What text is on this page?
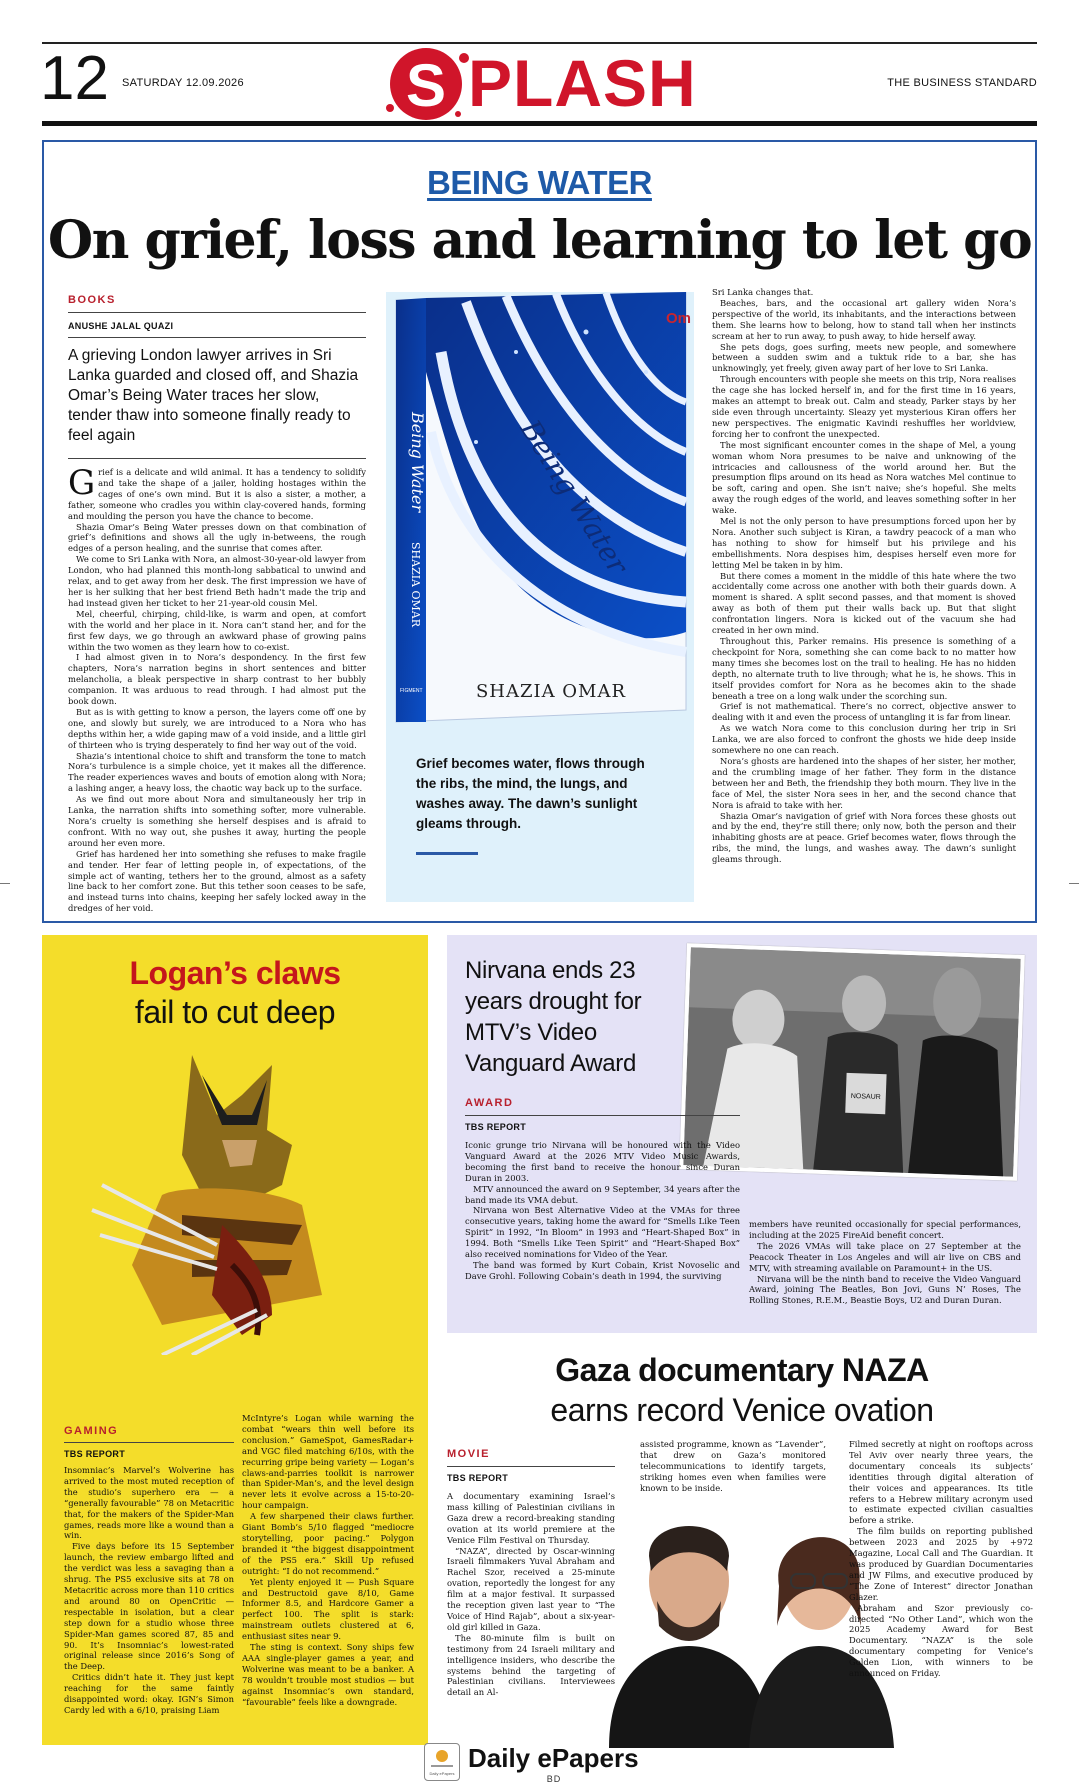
12 SATURDAY 12.09.2026	S PLASH	THE BUSINESS STANDARD
BEING WATER
On grief, loss and learning to let go
BOOKS
ANUSHE JALAL QUAZI
A grieving London lawyer arrives in Sri Lanka guarded and closed off, and Shazia Omar’s Being Water traces her slow, tender thaw into someone finally ready to feel again

Grief is a delicate and wild animal. It has a tendency to solidify and take the shape of a jailer, holding hostages within the cages of one’s own mind. But it is also a sister, a mother, a father, someone who cradles you within clay-covered hands, forming and moulding the person you have the chance to become.

Shazia Omar’s Being Water presses down on that combination of grief’s definitions and shows all the ugly in-betweens, the rough edges of a person healing, and the sunrise that comes after.

We come to Sri Lanka with Nora, an almost-30-year-old lawyer from London, who had planned this month-long sabbatical to unwind and relax, and to get away from her desk. The first impression we have of her is her sulking that her best friend Beth hadn’t made the trip and had instead given her ticket to her 21-year-old cousin Mel.

Mel, cheerful, chirping, child-like, is warm and open, at comfort with the world and her place in it. Nora can’t stand her, and for the first few days, we go through an awkward phase of growing pains within the two women as they learn how to co-exist.

I had almost given in to Nora’s despondency. In the first few chapters, Nora’s narration begins in short sentences and bitter melancholia, a bleak perspective in sharp contrast to her bubbly companion. It was arduous to read through. I had almost put the book down.

But as is with getting to know a person, the layers come off one by one, and slowly but surely, we are introduced to a Nora who has depths within her, a wide gaping maw of a void inside, and a little girl of thirteen who is trying desperately to find her way out of the void.

Shazia’s intentional choice to shift and transform the tone to match Nora’s turbulence is a simple choice, yet it makes all the difference. The reader experiences waves and bouts of emotion along with Nora; a lashing anger, a heavy loss, the chaotic way back up to the surface.

As we find out more about Nora and simultaneously her trip in Lanka, the narration shifts into something softer, more vulnerable. Nora’s cruelty is something she herself despises and is afraid to confront. With no way out, she pushes it away, hurting the people around her even more.

Grief has hardened her into something she refuses to make fragile and tender. Her fear of letting people in, of expectations, of the simple act of wanting, tethers her to the ground, almost as a safety line back to her comfort zone. But this tether soon ceases to be safe, and instead turns into chains, keeping her safely locked away in the dredges of her void.

Being Water
Being Water
SHAZIA OMAR
FIGMENT	SHAZIA OMAR
Grief becomes water, flows through the ribs, the mind, the lungs, and washes away. The dawn’s sunlight gleams through.
Om

Sri Lanka changes that.

Beaches, bars, and the occasional art gallery widen Nora’s perspective of the world, its inhabitants, and the interactions between them. She learns how to belong, how to stand tall when her instincts scream at her to run away, to push away, to hide herself away.

She pets dogs, goes surfing, meets new people, and somewhere between a sudden swim and a tuktuk ride to a bar, she has unknowingly, yet freely, given away part of her love to Sri Lanka.

Through encounters with people she meets on this trip, Nora realises the cage she has locked herself in, and for the first time in 16 years, makes an attempt to break out. Calm and steady, Parker stays by her side even through uncertainty. Sleazy yet mysterious Kiran offers her new perspectives. The enigmatic Kavindi reshuffles her worldview, forcing her to confront the unexpected.

The most significant encounter comes in the shape of Mel, a young woman whom Nora presumes to be naive and unknowing of the intricacies and callousness of the world around her. But the presumption flips around on its head as Nora watches Mel continue to be soft, caring and open. She isn’t naive; she’s hopeful. She melts away the rough edges of the world, and leaves something softer in her wake.

Mel is not the only person to have presumptions forced upon her by Nora. Another such subject is Kiran, a tawdry peacock of a man who has nothing to show for himself but his privilege and his embellishments. Nora despises him, despises herself even more for letting Mel be taken in by him.

But there comes a moment in the middle of this hate where the two accidentally come across one another with both their guards down. A moment is shared. A split second passes, and that moment is shoved away as both of them put their walls back up. But that slight confrontation lingers. Nora is kicked out of the vacuum she had created in her own mind.

Throughout this, Parker remains. His presence is something of a checkpoint for Nora, something she can come back to no matter how many times she becomes lost on the trail to healing. He has no hidden depth, no alternate truth to live through; what he is, he shows. This in itself provides comfort for Nora as he becomes akin to the shade beneath a tree on a long walk under the scorching sun.

Grief is not mathematical. There’s no correct, objective answer to dealing with it and even the process of untangling it is far from linear.

As we watch Nora come to this conclusion during her trip in Sri Lanka, we are also forced to confront the ghosts we hide deep inside somewhere no one can reach.

Nora’s ghosts are hardened into the shapes of her sister, her mother, and the crumbling image of her father. They form in the distance between her and Beth, the friendship they both mourn. They live in the face of Mel, the sister Nora sees in her, and the second chance that Nora is afraid to take with her.

Shazia Omar’s navigation of grief with Nora forces these ghosts out and by the end, they’re still there; only now, both the person and their inhabiting ghosts are at peace. Grief becomes water, flows through the ribs, the mind, the lungs, and washes away. The dawn’s sunlight gleams through.

Logan’s claws
fail to cut deep
GAMING
TBS REPORT

Insomniac’s Marvel’s Wolverine has arrived to the most muted reception of the studio’s superhero era — a “generally favourable” 78 on Metacritic that, for the makers of the Spider-Man games, reads more like a wound than a win.

Five days before its 15 September launch, the review embargo lifted and the verdict was less a savaging than a shrug. The PS5 exclusive sits at 78 on Metacritic across more than 110 critics and around 80 on OpenCritic — respectable in isolation, but a clear step down for a studio whose three Spider-Man games scored 87, 85 and 90. It’s Insomniac’s lowest-rated original release since 2016’s Song of the Deep.

Critics didn’t hate it. They just kept reaching for the same faintly disappointed word: okay. IGN’s Simon Cardy led with a 6/10, praising Liam

McIntyre’s Logan while warning the combat “wears thin well before its conclusion.” GameSpot, GamesRadar+ and VGC filed matching 6/10s, with the recurring gripe being variety — Logan’s claws-and-parries toolkit is narrower than Spider-Man’s, and the level design never lets it evolve across a 15-to-20-hour campaign.

A few sharpened their claws further. Giant Bomb’s 5/10 flagged “mediocre storytelling, poor pacing.” Polygon branded it “the biggest disappointment of the PS5 era.” Skill Up refused outright: “I do not recommend.”

Yet plenty enjoyed it — Push Square and Destructoid gave 8/10, Game Informer 8.5, and Hardcore Gamer a perfect 100. The split is stark: mainstream outlets clustered at 6, enthusiast sites near 9.

The sting is context. Sony ships few AAA single-player games a year, and Wolverine was meant to be a banker. A 78 wouldn’t trouble most studios — but against Insomniac’s own standard, “favourable” feels like a downgrade.

Nirvana ends 23 years drought for MTV’s Video Vanguard Award
NOSAUR
AWARD
TBS REPORT

Iconic grunge trio Nirvana will be honoured with the Video Vanguard Award at the 2026 MTV Video Music Awards, becoming the first band to receive the honour since Duran Duran in 2003.

MTV announced the award on 9 September, 34 years after the band made its VMA debut.

Nirvana won Best Alternative Video at the VMAs for three consecutive years, taking home the award for “Smells Like Teen Spirit” in 1992, “In Bloom” in 1993 and “Heart-Shaped Box” in 1994. Both “Smells Like Teen Spirit” and “Heart-Shaped Box” also received nominations for Video of the Year.

The band was formed by Kurt Cobain, Krist Novoselic and Dave Grohl. Following Cobain’s death in 1994, the surviving

members have reunited occasionally for special performances, including at the 2025 FireAid benefit concert.

The 2026 VMAs will take place on 27 September at the Peacock Theater in Los Angeles and will air live on CBS and MTV, with streaming available on Paramount+ in the US.

Nirvana will be the ninth band to receive the Video Vanguard Award, joining The Beatles, Bon Jovi, Guns N’ Roses, The Rolling Stones, R.E.M., Beastie Boys, U2 and Duran Duran.

Gaza documentary NAZA
earns record Venice ovation
MOVIE
TBS REPORT

A documentary examining Israel’s mass killing of Palestinian civilians in Gaza drew a record-breaking standing ovation at its world premiere at the Venice Film Festival on Thursday.

“NAZA”, directed by Oscar-winning Israeli filmmakers Yuval Abraham and Rachel Szor, received a 25-minute ovation, reportedly the longest for any film at a major festival. It surpassed the reception given last year to “The Voice of Hind Rajab”, about a six-year-old girl killed in Gaza.

The 80-minute film is built on testimony from 24 Israeli military and intelligence insiders, who describe the systems behind the targeting of Palestinian civilians. Interviewees detail an Al-

assisted programme, known as “Lavender”, that drew on Gaza’s monitored telecommunications to identify targets, striking homes even when families were known to be inside.

Filmed secretly at night on rooftops across Tel Aviv over nearly three years, the documentary conceals its subjects’ identities through digital alteration of their voices and appearances. Its title refers to a Hebrew military acronym used to estimate expected civilian casualties before a strike.

The film builds on reporting published between 2023 and 2025 by +972 Magazine, Local Call and The Guardian. It was produced by Guardian Documentaries and JW Films, and executive produced by “The Zone of Interest” director Jonathan Glazer.

Abraham and Szor previously co-directed “No Other Land”, which won the 2025 Academy Award for Best Documentary. “NAZA” is the sole documentary competing for Venice’s Golden Lion, with winners to be announced on Friday.

Daily ePapers
Daily ePapers
BD
